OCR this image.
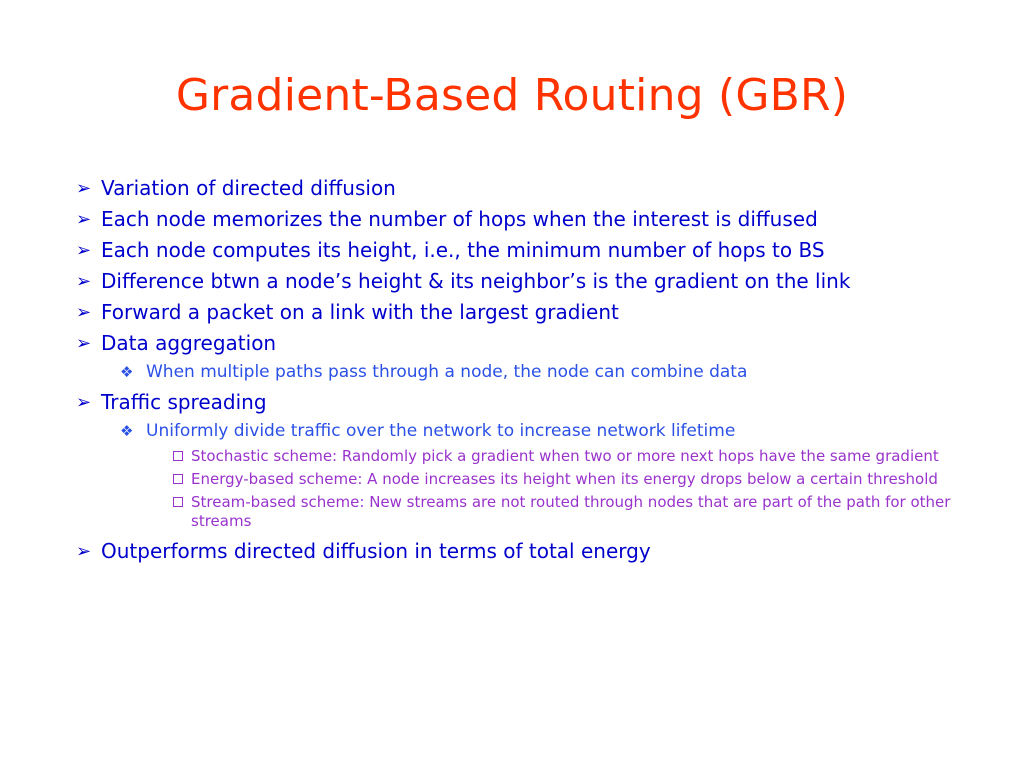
Gradient-Based Routing (GBR)
➢ Variation of directed diffusion
➢ Each node memorizes the number of hops when the interest is diffused
➢ Each node computes its height, i.e., the minimum number of hops to BS
➢ Difference btwn a node’s height & its neighbor’s is the gradient on the link
➢ Forward a packet on a link with the largest gradient
➢ Data aggregation
❖ When multiple paths pass through a node, the node can combine data
➢ Traffic spreading
❖ Uniformly divide traffic over the network to increase network lifetime
Stochastic scheme: Randomly pick a gradient when two or more next hops have the same gradient
Energy-based scheme: A node increases its height when its energy drops below a certain threshold
Stream-based scheme: New streams are not routed through nodes that are part of the path for other streams
➢ Outperforms directed diffusion in terms of total energy
